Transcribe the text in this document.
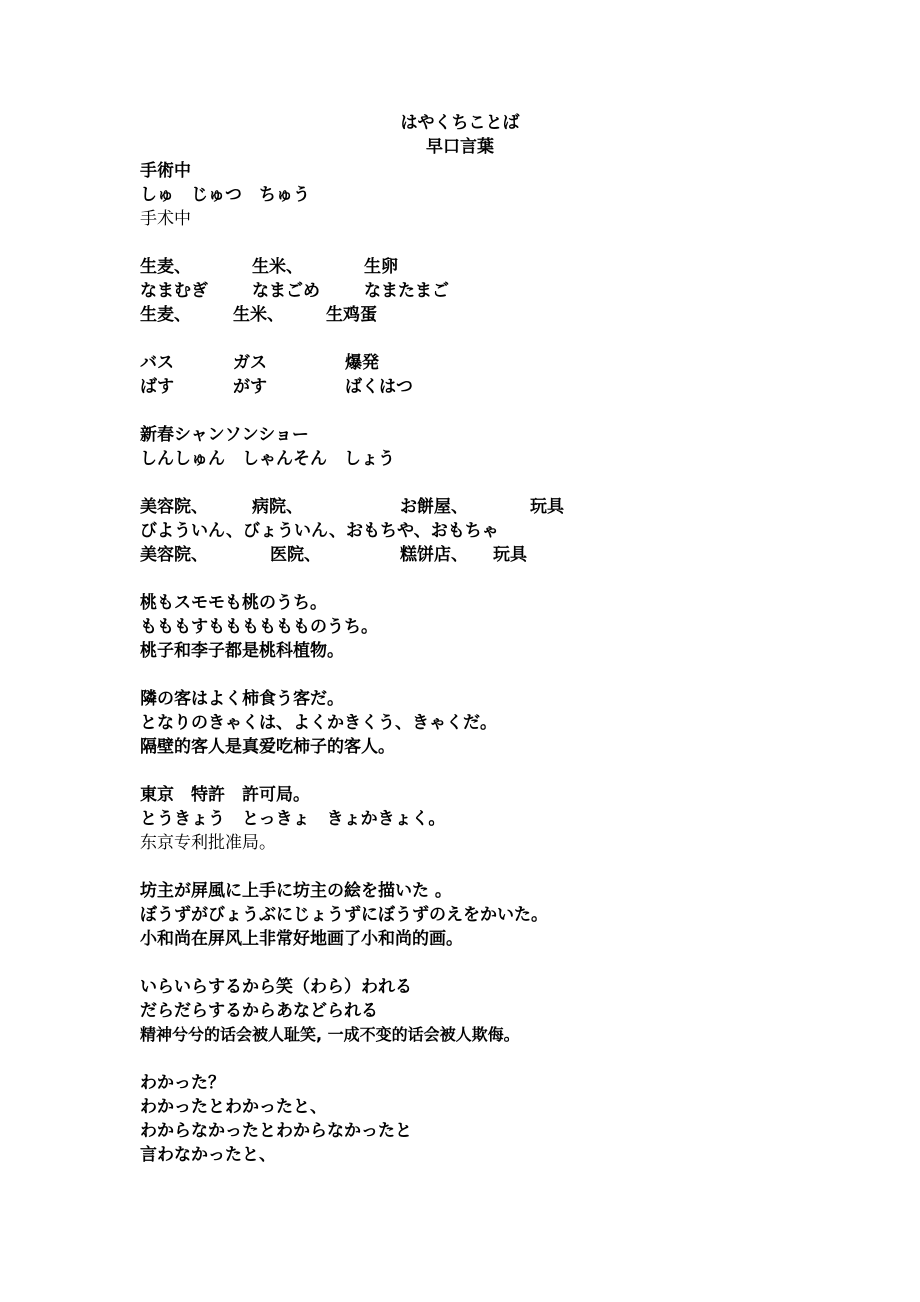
はやくちことば
早口言葉
手術中
しゅ　じゅつ　ちゅう
手术中
生麦、	生米、	生卵
なまむぎ	なまごめ	なまたまご
生麦、 生米、 生鸡蛋
バス	ガス	爆発
ばす	がす	ばくはつ
新春シャンソンショー
しんしゅん　しゃんそん　しょう
美容院、	病院、	お餅屋、	玩具
びよういん、びょういん、おもちや、おもちゃ
美容院、	医院、	糕饼店、 玩具
桃もスモモも桃のうち。
もももすもももももものうち。
桃子和李子都是桃科植物。
隣の客はよく柿食う客だ。
となりのきゃくは、よくかきくう、きゃくだ。
隔壁的客人是真爱吃柿子的客人。
東京　特許　許可局。
とうきょう　とっきょ　きょかきょく。
东京专利批准局。
坊主が屏風に上手に坊主の絵を描いた 。
ぼうずがびょうぶにじょうずにぼうずのえをかいた。
小和尚在屏风上非常好地画了小和尚的画。
いらいらするから笑（わら）われる
だらだらするからあなどられる
精神兮兮的话会被人耻笑, 一成不变的话会被人欺侮。
わかった？
わかったとわかったと、
わからなかったとわからなかったと
言わなかったと、
